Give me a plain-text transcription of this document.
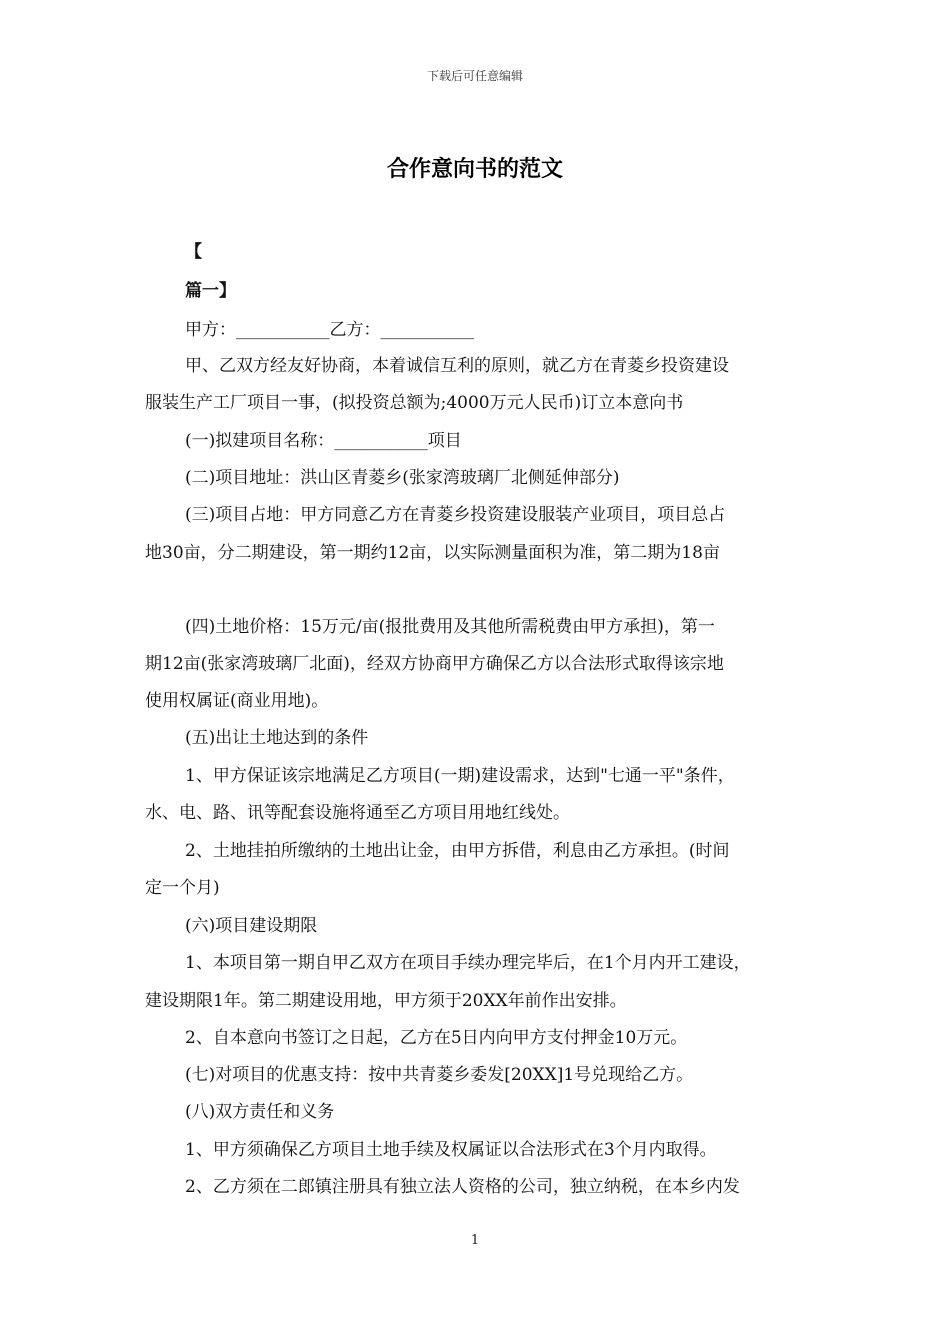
下载后可任意编辑
合作意向书的范文
【
篇一】
甲方：___________乙方：___________
甲、乙双方经友好协商，本着诚信互利的原则，就乙方在青菱乡投资建设
服装生产工厂项目一事，(拟投资总额为;4000万元人民币)订立本意向书
(一)拟建项目名称：___________项目
(二)项目地址：洪山区青菱乡(张家湾玻璃厂北侧延伸部分)
(三)项目占地：甲方同意乙方在青菱乡投资建设服装产业项目，项目总占
地30亩，分二期建设，第一期约12亩，以实际测量面积为准，第二期为18亩
(四)土地价格：15万元/亩(报批费用及其他所需税费由甲方承担)，第一
期12亩(张家湾玻璃厂北面)，经双方协商甲方确保乙方以合法形式取得该宗地
使用权属证(商业用地)。
(五)出让土地达到的条件
1、甲方保证该宗地满足乙方项目(一期)建设需求，达到"七通一平"条件，
水、电、路、讯等配套设施将通至乙方项目用地红线处。
2、土地挂拍所缴纳的土地出让金，由甲方拆借，利息由乙方承担。(时间
定一个月)
(六)项目建设期限
1、本项目第一期自甲乙双方在项目手续办理完毕后，在1个月内开工建设，
建设期限1年。第二期建设用地，甲方须于20XX年前作出安排。
2、自本意向书签订之日起，乙方在5日内向甲方支付押金10万元。
(七)对项目的优惠支持：按中共青菱乡委发[20XX]1号兑现给乙方。
(八)双方责任和义务
1、甲方须确保乙方项目土地手续及权属证以合法形式在3个月内取得。
2、乙方须在二郎镇注册具有独立法人资格的公司，独立纳税，在本乡内发
1
